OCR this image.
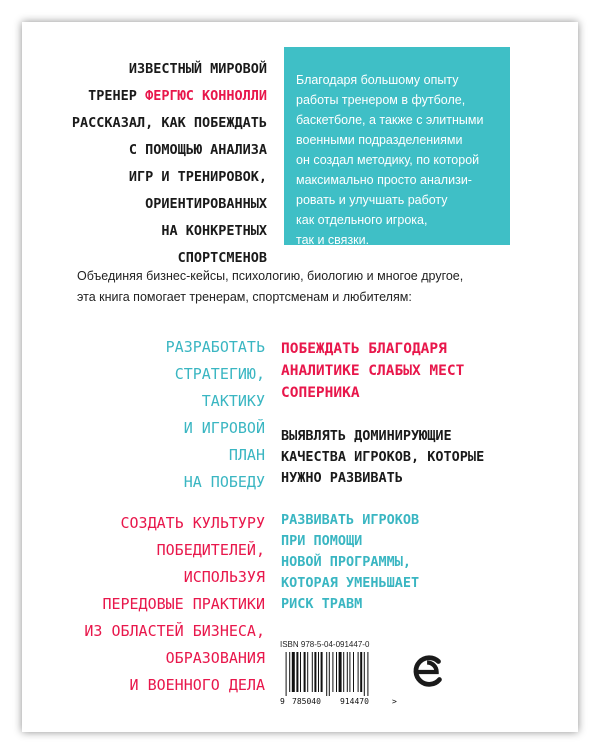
ИЗВЕСТНЫЙ МИРОВОЙ
ТРЕНЕР ФЕРГЮС КОННОЛЛИ
РАССКАЗАЛ, КАК ПОБЕЖДАТЬ
С ПОМОЩЬЮ АНАЛИЗА
ИГР И ТРЕНИРОВОК,
ОРИЕНТИРОВАННЫХ
НА КОНКРЕТНЫХ
СПОРТСМЕНОВ
Благодаря большому опыту
работы тренером в футболе,
баскетболе, а также с элитными
военными подразделениями
он создал методику, по которой
максимально просто анализи-
ровать и улучшать работу
как отдельного игрока,
так и связки.
Объединяя бизнес-кейсы, психологию, биологию и многое другое,
эта книга помогает тренерам, спортсменам и любителям:
РАЗРАБОТАТЬ
СТРАТЕГИЮ,
ТАКТИКУ
И ИГРОВОЙ
ПЛАН
НА ПОБЕДУ
СОЗДАТЬ КУЛЬТУРУ
ПОБЕДИТЕЛЕЙ,
ИСПОЛЬЗУЯ
ПЕРЕДОВЫЕ ПРАКТИКИ
ИЗ ОБЛАСТЕЙ БИЗНЕСА,
ОБРАЗОВАНИЯ
И ВОЕННОГО ДЕЛА
ПОБЕЖДАТЬ БЛАГОДАРЯ
АНАЛИТИКЕ СЛАБЫХ МЕСТ
СОПЕРНИКА
ВЫЯВЛЯТЬ ДОМИНИРУЮЩИЕ
КАЧЕСТВА ИГРОКОВ, КОТОРЫЕ
НУЖНО РАЗВИВАТЬ
РАЗВИВАТЬ ИГРОКОВ
ПРИ ПОМОЩИ
НОВОЙ ПРОГРАММЫ,
КОТОРАЯ УМЕНЬШАЕТ
РИСК ТРАВМ
ISBN 978-5-04-091447-0
9 785040 914470	>
